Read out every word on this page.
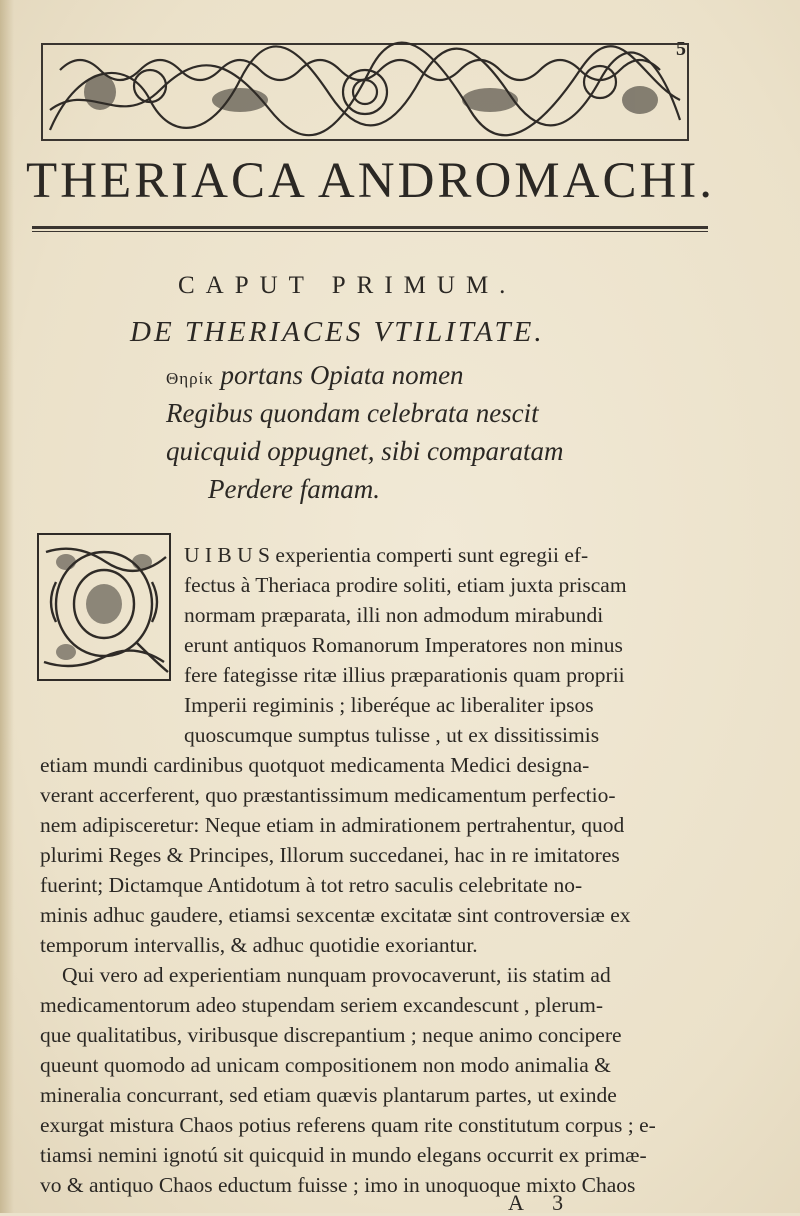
5
THERIACA ANDROMACHI.
CAPUT PRIMUM.
DE THERIACES VTILITATE.
Θηρίκ portans Opiata nomen
Regibus quondam celebrata nescit
quicquid oppugnet, sibi comparatam
Perdere famam.
U I B U S experientia comperti sunt egregii ef-
fectus à Theriaca prodire soliti, etiam juxta priscam
normam præparata, illi non admodum mirabundi
erunt antiquos Romanorum Imperatores non minus
fere fategisse ritæ illius præparationis quam proprii
Imperii regiminis ; liberéque ac liberaliter ipsos
quoscumque sumptus tulisse , ut ex dissitissimis
etiam mundi cardinibus quotquot medicamenta Medici designa-
verant accerferent, quo præstantissimum medicamentum perfectio-
nem adipisceretur: Neque etiam in admirationem pertrahentur, quod
plurimi Reges & Principes, Illorum succedanei, hac in re imitatores
fuerint; Dictamque Antidotum à tot retro saculis celebritate no-
minis adhuc gaudere, etiamsi sexcentæ excitatæ sint controversiæ ex
temporum intervallis, & adhuc quotidie exoriantur.
Qui vero ad experientiam nunquam provocaverunt, iis statim ad
medicamentorum adeo stupendam seriem excandescunt , plerum-
que qualitatibus, viribusque discrepantium ; neque animo concipere
queunt quomodo ad unicam compositionem non modo animalia &
mineralia concurrant, sed etiam quævis plantarum partes, ut exinde
exurgat mistura Chaos potius referens quam rite constitutum corpus ; e-
tiamsi nemini ignotú sit quicquid in mundo elegans occurrit ex primæ-
vo & antiquo Chaos eductum fuisse ; imo in unoquoque mixto Chaos
A 3
